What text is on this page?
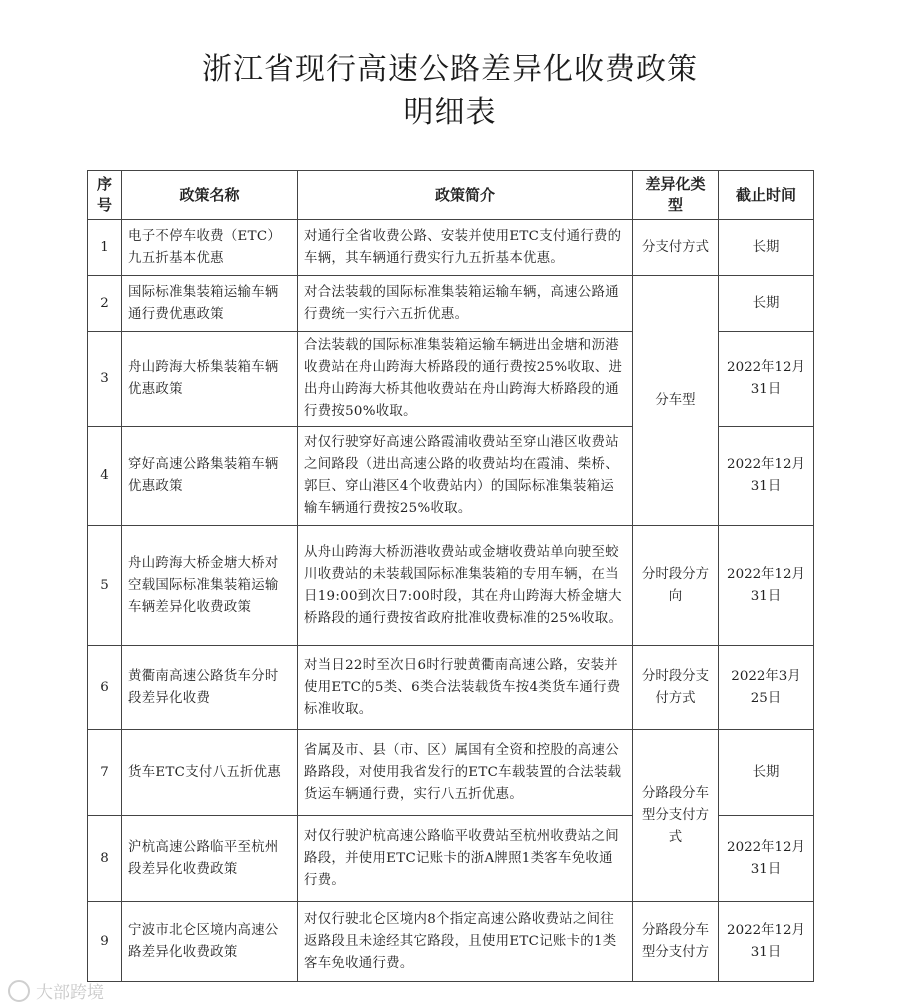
浙江省现行高速公路差异化收费政策
明细表
序号	政策名称	政策简介	差异化类型	截止时间
1	电子不停车收费（ETC）九五折基本优惠	对通行全省收费公路、安装并使用ETC支付通行费的车辆，其车辆通行费实行九五折基本优惠。	分支付方式	长期
2	国际标准集装箱运输车辆通行费优惠政策	对合法装载的国际标准集装箱运输车辆，高速公路通行费统一实行六五折优惠。	分车型	长期
3	舟山跨海大桥集装箱车辆优惠政策	合法装载的国际标准集装箱运输车辆进出金塘和沥港收费站在舟山跨海大桥路段的通行费按25%收取、进出舟山跨海大桥其他收费站在舟山跨海大桥路段的通行费按50%收取。		2022年12月31日
4	穿好高速公路集装箱车辆优惠政策	对仅行驶穿好高速公路霞浦收费站至穿山港区收费站之间路段（进出高速公路的收费站均在霞浦、柴桥、郭巨、穿山港区4个收费站内）的国际标准集装箱运输车辆通行费按25%收取。		2022年12月31日
5	舟山跨海大桥金塘大桥对空载国际标准集装箱运输车辆差异化收费政策	从舟山跨海大桥沥港收费站或金塘收费站单向驶至蛟川收费站的未装载国际标准集装箱的专用车辆，在当日19:00到次日7:00时段，其在舟山跨海大桥金塘大桥路段的通行费按省政府批准收费标准的25%收取。	分时段分方向	2022年12月31日
6	黄衢南高速公路货车分时段差异化收费	对当日22时至次日6时行驶黄衢南高速公路，安装并使用ETC的5类、6类合法装载货车按4类货车通行费标准收取。	分时段分支付方式	2022年3月25日
7	货车ETC支付八五折优惠	省属及市、县（市、区）属国有全资和控股的高速公路路段，对使用我省发行的ETC车载装置的合法装载货运车辆通行费，实行八五折优惠。	分路段分车型分支付方式	长期
8	沪杭高速公路临平至杭州段差异化收费政策	对仅行驶沪杭高速公路临平收费站至杭州收费站之间路段，并使用ETC记账卡的浙A牌照1类客车免收通行费。		2022年12月31日
9	宁波市北仑区境内高速公路差异化收费政策	对仅行驶北仑区境内8个指定高速公路收费站之间往返路段且未途经其它路段，且使用ETC记账卡的1类客车免收通行费。	分路段分车型分支付方	2022年12月31日
大部跨境
